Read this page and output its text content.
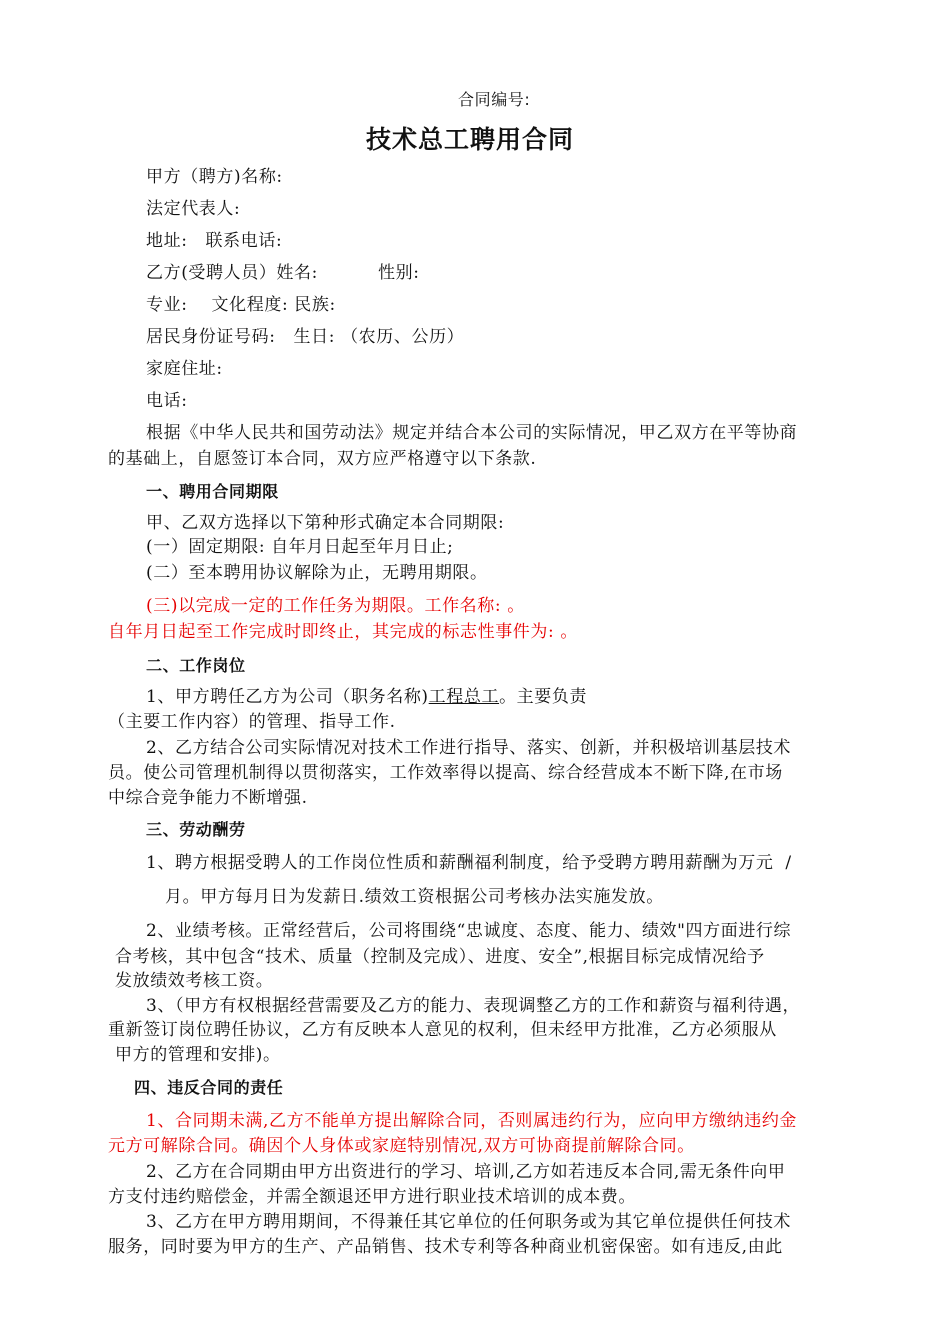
合同编号:
技术总工聘用合同
甲方（聘方)名称:
法定代表人:
地址:   联系电话:
乙方(受聘人员）姓名:          性别:
专业:    文化程度: 民族:
居民身份证号码:   生日: （农历、公历）
家庭住址:
电话:
根据《中华人民共和国劳动法》规定并结合本公司的实际情况，甲乙双方在平等协商
的基础上，自愿签订本合同，双方应严格遵守以下条款.
一、聘用合同期限
甲、乙双方选择以下第种形式确定本合同期限:
(一）固定期限: 自年月日起至年月日止;
(二）至本聘用协议解除为止，无聘用期限。
(三)以完成一定的工作任务为期限。工作名称: 。
自年月日起至工作完成时即终止，其完成的标志性事件为: 。
二、工作岗位
1、甲方聘任乙方为公司（职务名称)工程总工。主要负责
（主要工作内容）的管理、指导工作.
2、乙方结合公司实际情况对技术工作进行指导、落实、创新，并积极培训基层技术
员。使公司管理机制得以贯彻落实，工作效率得以提高、综合经营成本不断下降,在市场
中综合竞争能力不断增强.
三、劳动酬劳
1、聘方根据受聘人的工作岗位性质和薪酬福利制度，给予受聘方聘用薪酬为万元  /
月。甲方每月日为发薪日.绩效工资根据公司考核办法实施发放。
2、业绩考核。正常经营后，公司将围绕“忠诚度、态度、能力、绩效"四方面进行综
合考核，其中包含“技术、质量（控制及完成）、进度、安全”,根据目标完成情况给予
发放绩效考核工资。
3、（甲方有权根据经营需要及乙方的能力、表现调整乙方的工作和薪资与福利待遇，
重新签订岗位聘任协议，乙方有反映本人意见的权利，但未经甲方批准，乙方必须服从
甲方的管理和安排)。
四、违反合同的责任
1、合同期未满,乙方不能单方提出解除合同，否则属违约行为，应向甲方缴纳违约金
元方可解除合同。确因个人身体或家庭特别情况,双方可协商提前解除合同。
2、乙方在合同期由甲方出资进行的学习、培训,乙方如若违反本合同,需无条件向甲
方支付违约赔偿金，并需全额退还甲方进行职业技术培训的成本费。
3、乙方在甲方聘用期间，不得兼任其它单位的任何职务或为其它单位提供任何技术
服务，同时要为甲方的生产、产品销售、技术专利等各种商业机密保密。如有违反,由此
